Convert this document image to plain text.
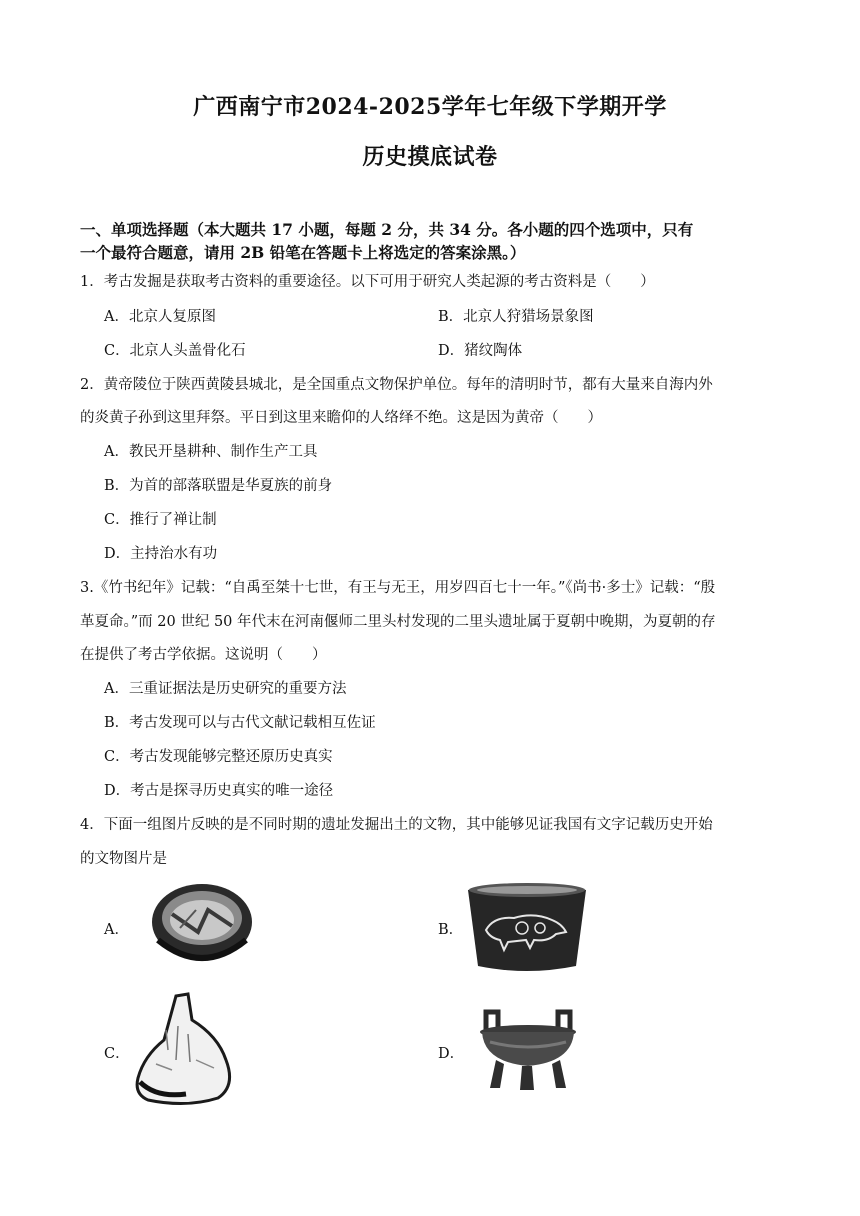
广西南宁市2024-2025学年七年级下学期开学
历史摸底试卷
一、单项选择题（本大题共 17 小题，每题 2 分，共 34 分。各小题的四个选项中，只有
一个最符合题意，请用 2B 铅笔在答题卡上将选定的答案涂黑。）
1．考古发掘是获取考古资料的重要途径。以下可用于研究人类起源的考古资料是（　　）
A．北京人复原图	B．北京人狩猎场景象图
C．北京人头盖骨化石	D．猪纹陶体
2．黄帝陵位于陕西黄陵县城北，是全国重点文物保护单位。每年的清明时节，都有大量来自海内外
的炎黄子孙到这里拜祭。平日到这里来瞻仰的人络绎不绝。这是因为黄帝（　　）
A．教民开垦耕种、制作生产工具
B．为首的部落联盟是华夏族的前身
C．推行了禅让制
D．主持治水有功
3.《竹书纪年》记载：“自禹至桀十七世，有王与无王，用岁四百七十一年。”《尚书·多士》记载：“殷
革夏命。”而 20 世纪 50 年代末在河南偃师二里头村发现的二里头遗址属于夏朝中晚期，为夏朝的存
在提供了考古学依据。这说明（　　）
A．三重证据法是历史研究的重要方法
B．考古发现可以与古代文献记载相互佐证
C．考古发现能够完整还原历史真实
D．考古是探寻历史真实的唯一途径
4．下面一组图片反映的是不同时期的遗址发掘出土的文物，其中能够见证我国有文字记载历史开始
的文物图片是
A．	B．
C．	D．
